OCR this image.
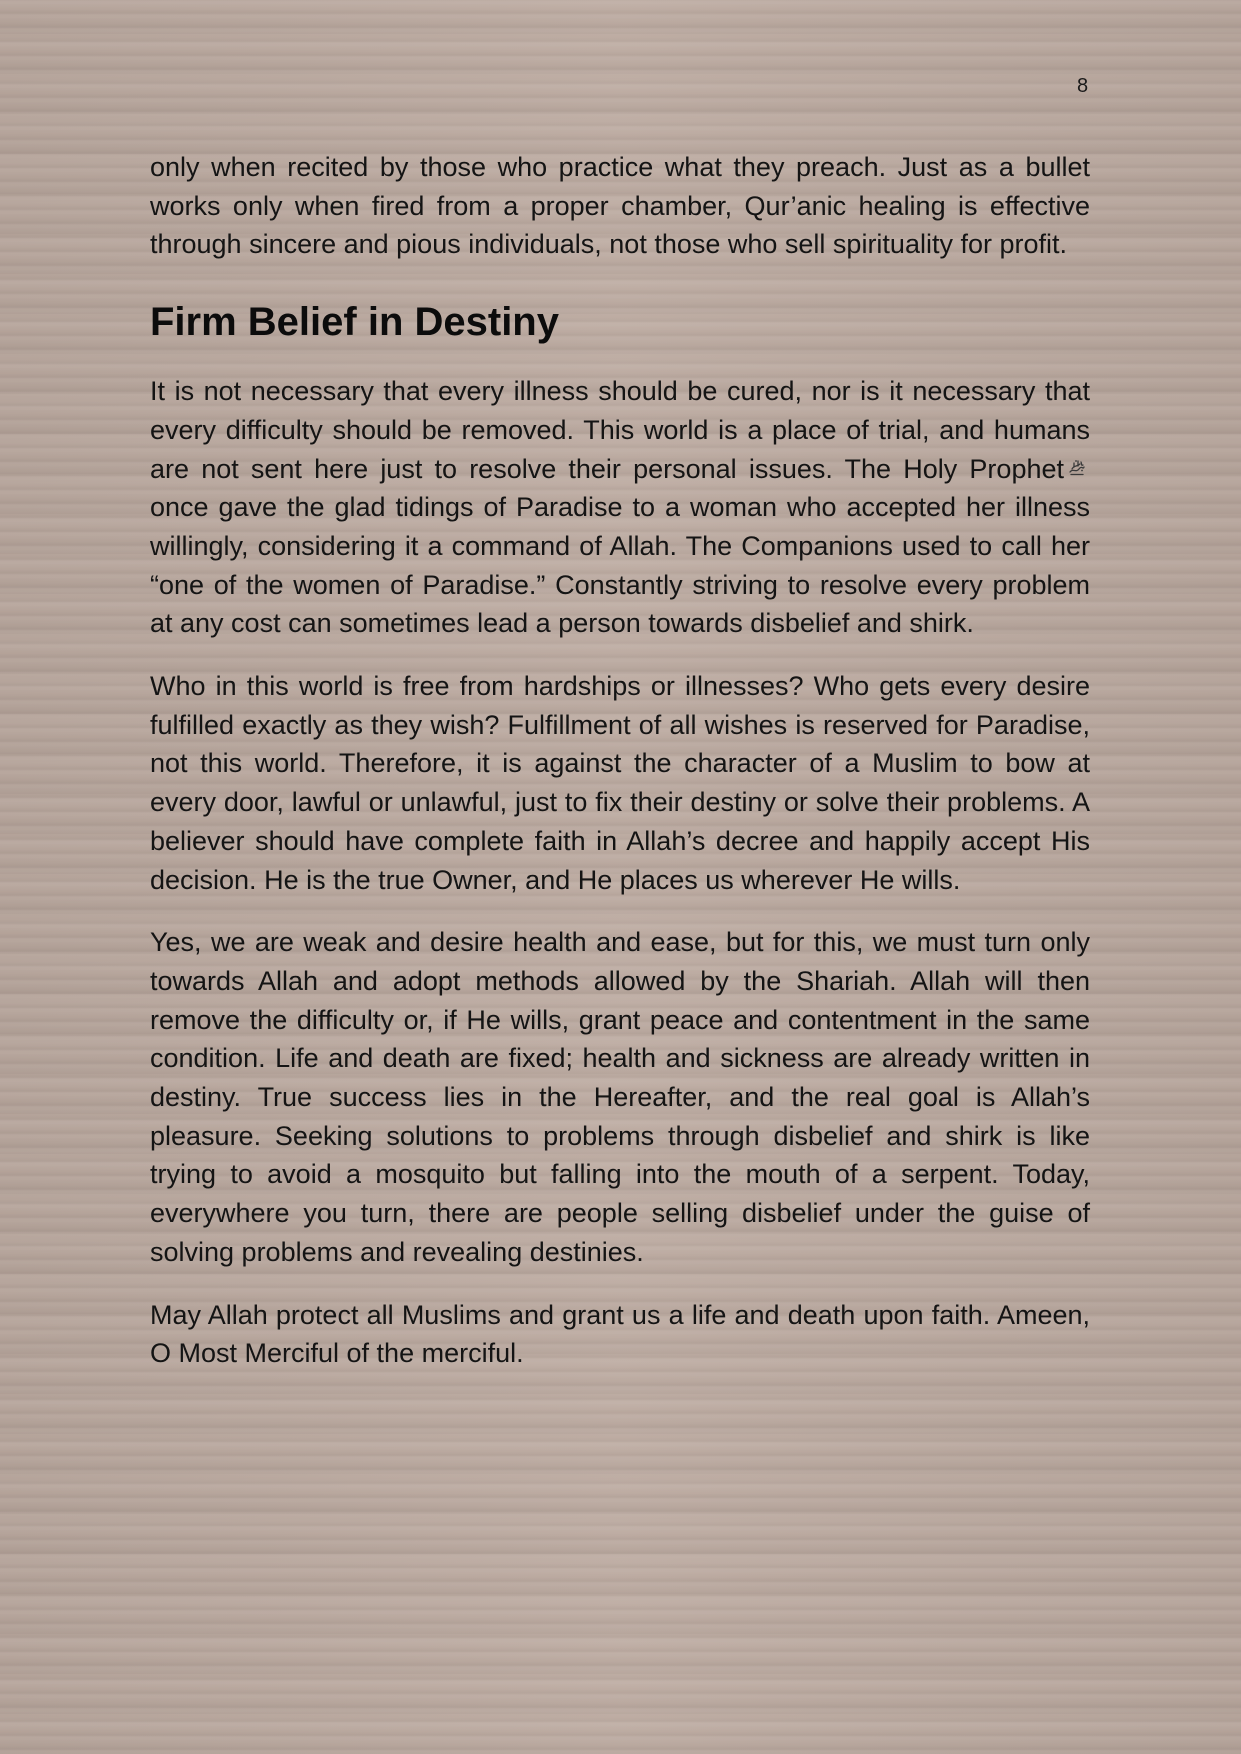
8

only when recited by those who practice what they preach. Just as a bullet works only when fired from a proper chamber, Qur’anic healing is effective through sincere and pious individuals, not those who sell spirituality for profit.

Firm Belief in Destiny

It is not necessary that every illness should be cured, nor is it necessary that every difficulty should be removed. This world is a place of trial, and humans are not sent here just to resolve their personal issues. The Holy Prophetonce gave the glad tidings of Paradise to a woman who accepted her illness willingly, considering it a command of Allah. The Companions used to call her “one of the women of Paradise.” Constantly striving to resolve every problem at any cost can sometimes lead a person towards disbelief and shirk.

Who in this world is free from hardships or illnesses? Who gets every desire fulfilled exactly as they wish? Fulfillment of all wishes is reserved for Paradise, not this world. Therefore, it is against the character of a Muslim to bow at every door, lawful or unlawful, just to fix their destiny or solve their problems. A believer should have complete faith in Allah’s decree and happily accept His decision. He is the true Owner, and He places us wherever He wills.

Yes, we are weak and desire health and ease, but for this, we must turn only towards Allah and adopt methods allowed by the Shariah. Allah will then remove the difficulty or, if He wills, grant peace and contentment in the same condition. Life and death are fixed; health and sickness are already written in destiny. True success lies in the Hereafter, and the real goal is Allah’s pleasure. Seeking solutions to problems through disbelief and shirk is like trying to avoid a mosquito but falling into the mouth of a serpent. Today, everywhere you turn, there are people selling disbelief under the guise of solving problems and revealing destinies.

May Allah protect all Muslims and grant us a life and death upon faith. Ameen, O Most Merciful of the merciful.
